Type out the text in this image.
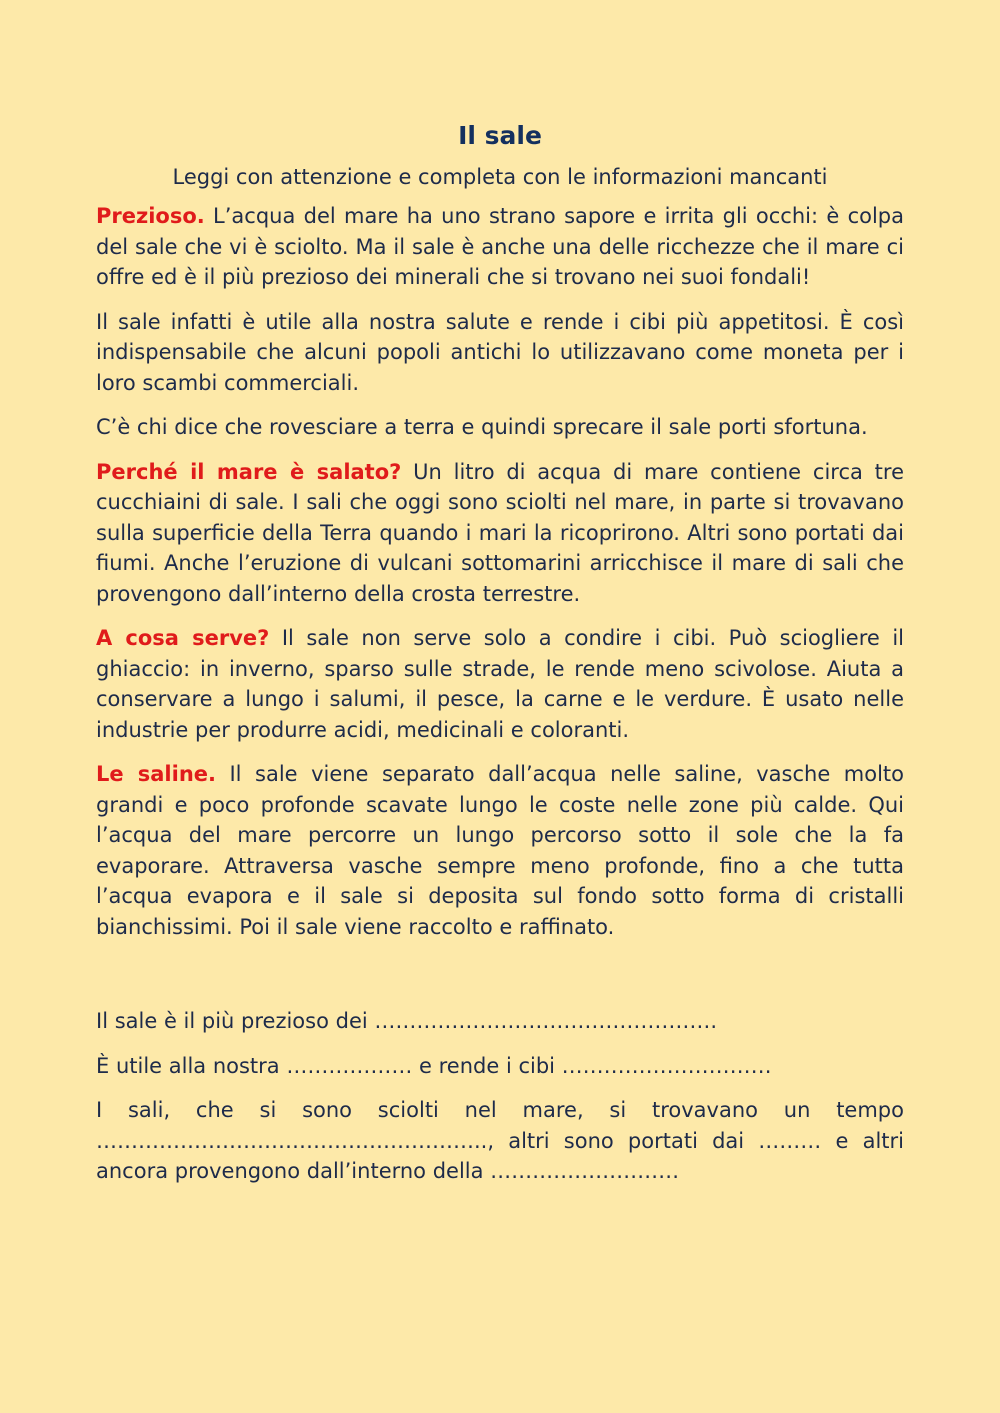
Il sale
Leggi con attenzione e completa con le informazioni mancanti

Prezioso. L’acqua del mare ha uno strano sapore e irrita gli occhi: è colpa del sale che vi è sciolto. Ma il sale è anche una delle ricchezze che il mare ci offre ed è il più prezioso dei minerali che si trovano nei suoi fondali!

Il sale infatti è utile alla nostra salute e rende i cibi più appetitosi. È così indispensabile che alcuni popoli antichi lo utilizzavano come moneta per i loro scambi commerciali.

C’è chi dice che rovesciare a terra e quindi sprecare il sale porti sfortuna.

Perché il mare è salato? Un litro di acqua di mare contiene circa tre cucchiaini di sale. I sali che oggi sono sciolti nel mare, in parte si trovavano sulla superficie della Terra quando i mari la ricoprirono. Altri sono portati dai fiumi. Anche l’eruzione di vulcani sottomarini arricchisce il mare di sali che provengono dall’interno della crosta terrestre.

A cosa serve? Il sale non serve solo a condire i cibi. Può sciogliere il ghiaccio: in inverno, sparso sulle strade, le rende meno scivolose. Aiuta a conservare a lungo i salumi, il pesce, la carne e le verdure. È usato nelle industrie per produrre acidi, medicinali e coloranti.

Le saline. Il sale viene separato dall’acqua nelle saline, vasche molto grandi e poco profonde scavate lungo le coste nelle zone più calde. Qui l’acqua del mare percorre un lungo percorso sotto il sole che la fa evaporare. Attraversa vasche sempre meno profonde, fino a che tutta l’acqua evapora e il sale si deposita sul fondo sotto forma di cristalli bianchissimi. Poi il sale viene raccolto e raffinato.

Il sale è il più prezioso dei ………………………………………….

È utile alla nostra ……………… e rende i cibi …………………………

I sali, che si sono sciolti nel mare, si trovavano un tempo ……………………………………………….., altri sono portati dai ……… e altri ancora provengono dall’interno della ………………………
